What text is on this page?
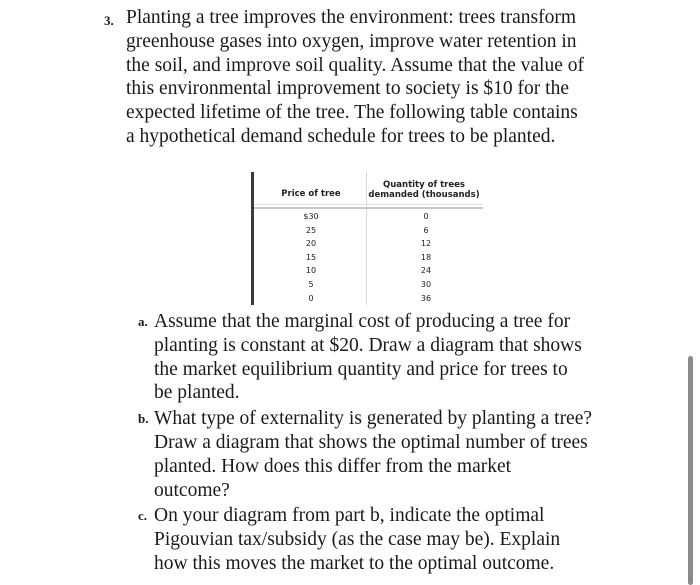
3. Planting a tree improves the environment: trees transform
greenhouse gases into oxygen, improve water retention in
the soil, and improve soil quality. Assume that the value of
this environmental improvement to society is $10 for the
expected lifetime of the tree. The following table contains
a hypothetical demand schedule for trees to be planted.

Price of tree
Quantity of trees
demanded (thousands)
$30
25
20
15
10
5
0
0
6
12
18
24
30
36
a. Assume that the marginal cost of producing a tree for
planting is constant at $20. Draw a diagram that shows
the market equilibrium quantity and price for trees to
be planted.
b. What type of externality is generated by planting a tree?
Draw a diagram that shows the optimal number of trees
planted. How does this differ from the market
outcome?
c. On your diagram from part b, indicate the optimal
Pigouvian tax/subsidy (as the case may be). Explain
how this moves the market to the optimal outcome.
